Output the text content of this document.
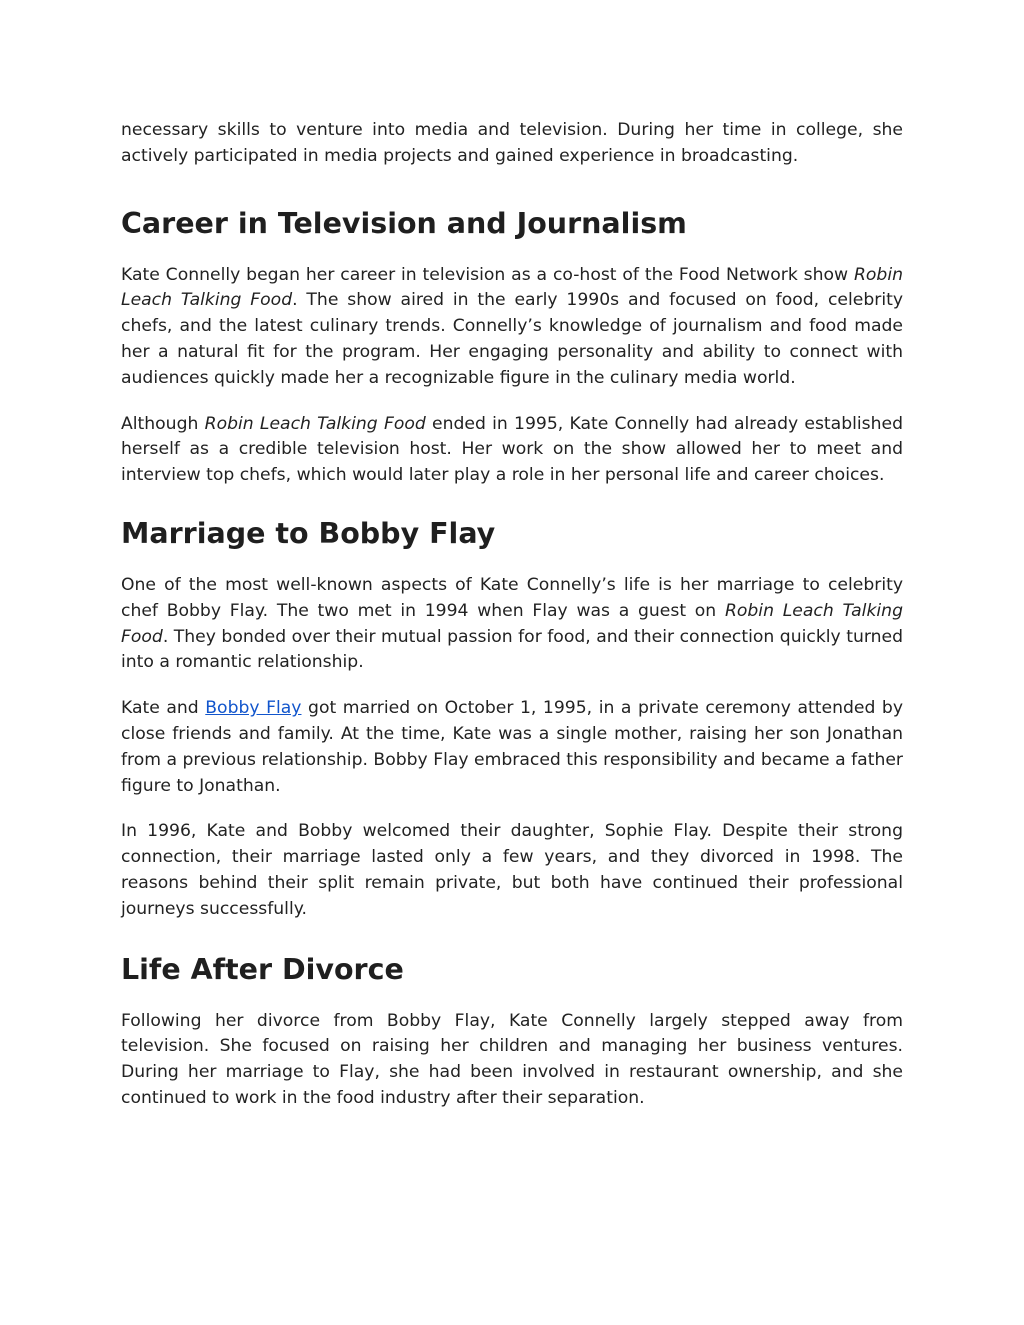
necessary skills to venture into media and television. During her time in college, she actively participated in media projects and gained experience in broadcasting.

Career in Television and Journalism

Kate Connelly began her career in television as a co-host of the Food Network show Robin Leach Talking Food. The show aired in the early 1990s and focused on food, celebrity chefs, and the latest culinary trends. Connelly’s knowledge of journalism and food made her a natural fit for the program. Her engaging personality and ability to connect with audiences quickly made her a recognizable figure in the culinary media world.

Although Robin Leach Talking Food ended in 1995, Kate Connelly had already established herself as a credible television host. Her work on the show allowed her to meet and interview top chefs, which would later play a role in her personal life and career choices.

Marriage to Bobby Flay

One of the most well-known aspects of Kate Connelly’s life is her marriage to celebrity chef Bobby Flay. The two met in 1994 when Flay was a guest on Robin Leach Talking Food. They bonded over their mutual passion for food, and their connection quickly turned into a romantic relationship.

Kate and Bobby Flay got married on October 1, 1995, in a private ceremony attended by close friends and family. At the time, Kate was a single mother, raising her son Jonathan from a previous relationship. Bobby Flay embraced this responsibility and became a father figure to Jonathan.

In 1996, Kate and Bobby welcomed their daughter, Sophie Flay. Despite their strong connection, their marriage lasted only a few years, and they divorced in 1998. The reasons behind their split remain private, but both have continued their professional journeys successfully.

Life After Divorce

Following her divorce from Bobby Flay, Kate Connelly largely stepped away from television. She focused on raising her children and managing her business ventures. During her marriage to Flay, she had been involved in restaurant ownership, and she continued to work in the food industry after their separation.
